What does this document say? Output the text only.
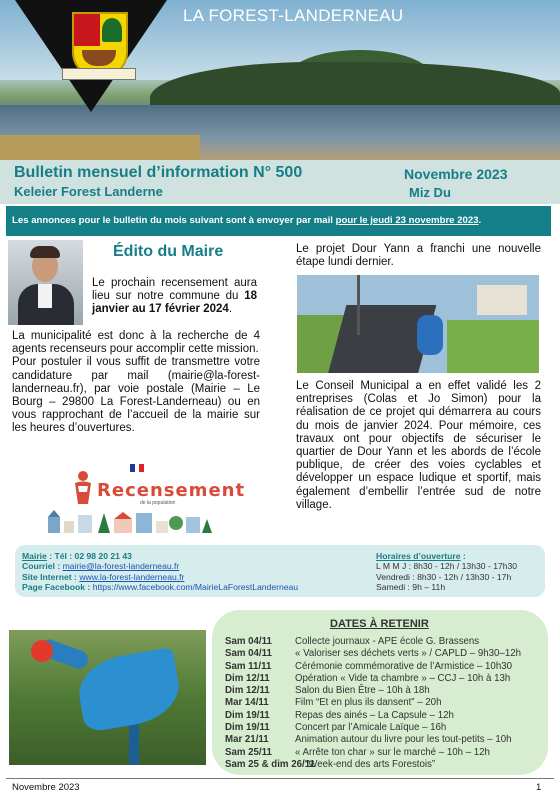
LA FOREST-LANDERNEAU
Bulletin mensuel d’information N° 500
Keleier Forest Landerne
Novembre 2023
Miz Du
Les annonces pour le bulletin du mois suivant sont à envoyer par mail pour le jeudi 23 novembre 2023.
Édito du Maire
Le prochain recensement aura lieu sur notre commune du 18 janvier au 17 février 2024.
La municipalité est donc à la recherche de 4 agents recenseurs pour accomplir cette mission.
Pour postuler il vous suffit de transmettre votre candidature par mail (mairie@la-forest-landerneau.fr), par voie postale (Mairie – Le Bourg – 29800 La Forest-Landerneau) ou en vous rapprochant de l’accueil de la mairie sur les heures d’ouvertures.
Recensement
de la population
Le projet Dour Yann a franchi une nouvelle étape lundi dernier.
Le Conseil Municipal a en effet validé les 2 entreprises (Colas et Jo Simon) pour la réalisation de ce projet qui démarrera au cours du mois de janvier 2024. Pour mémoire, ces travaux ont pour objectifs de sécuriser le quartier de Dour Yann et les abords de l’école publique, de créer des voies cyclables et développer un espace ludique et sportif, mais également d’embellir l’entrée sud de notre village.
Mairie : Tél : 02 98 20 21 43
Courriel : mairie@la-forest-landerneau.fr
Site Internet : www.la-forest-landerneau.fr
Page Facebook : https://www.facebook.com/MairieLaForestLanderneau
Horaires d’ouverture :
L M M J : 8h30 - 12h / 13h30 - 17h30
Vendredi : 8h30 - 12h / 13h30 - 17h
Samedi : 9h – 11h
DATES À RETENIR
Sam 04/11
Sam 04/11
Sam 11/11
Dim 12/11
Dim 12/11
Mar 14/11
Dim 19/11
Dim 19/11
Mar 21/11
Sam 25/11
Sam 25 & dim 26/11
Collecte journaux - APE école G. Brassens
« Valoriser ses déchets verts » / CAPLD – 9h30–12h
Cérémonie commémorative de l’Armistice – 10h30
Opération « Vide ta chambre » – CCJ – 10h à 13h
Salon du Bien Être – 10h à 18h
Film “Et en plus ils dansent” – 20h
Repas des ainés – La Capsule – 12h
Concert par l’Amicale Laïque – 16h
Animation autour du livre pour les tout-petits – 10h
« Arrête ton char » sur le marché – 10h – 12h
“Week-end des arts Forestois”
Novembre 2023	1
